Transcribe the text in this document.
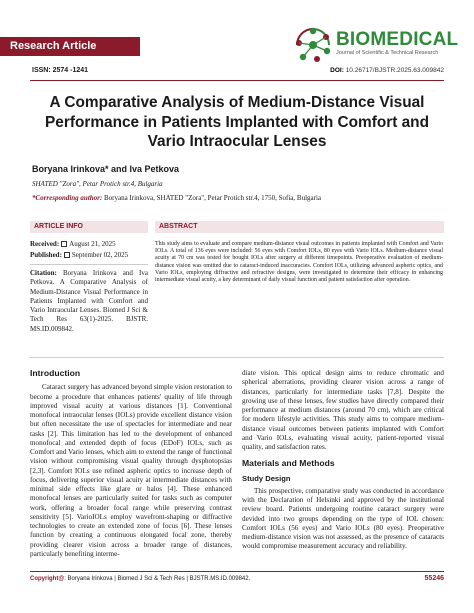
Research Article	BIOMEDICAL
Journal of Scientific & Technical Research
ISSN: 2574 -1241	DOI: 10.26717/BJSTR.2025.63.009842
A Comparative Analysis of Medium-Distance Visual Performance in Patients Implanted with Comfort and Vario Intraocular Lenses
Boryana Irinkova* and Iva Petkova
SHATED "Zora", Petar Protich str.4, Bulgaria
*Corresponding author: Boryana Irinkova, SHATED "Zora", Petar Protich str.4, 1750, Sofia, Bulgaria
ARTICLE INFO	ABSTRACT
Received: August 21, 2025
Published: September 02, 2025
Citation: Boryana Irinkova and Iva Petkova. A Comparative Analysis of Medium-Distance Visual Performance in Patients Implanted with Comfort and Vario Intraocular Lenses. Biomed J Sci & Tech Res 63(1)-2025. BJSTR. MS.ID.009842.
This study aims to evaluate and compare medium-distance visual outcomes in patients implanted with Comfort and Vario IOLs. A total of 136 eyes were included: 56 eyes with Comfort IOLs, 80 eyes with Vario IOLs. Medium-distance visual acuity at 70 cm was tested for bought IOLs after surgery at different timepoints. Preoperative evaluation of medium-distance vision was omitted due to cataract-induced inaccuracies. Comfort IOLs, utilizing advanced aspheric optics, and Vario IOLs, employing diffractive and refractive designs, were investigated to determine their efficacy in enhancing intermediate visual acuity, a key determinant of daily visual function and patient satisfaction after operation.
Introduction

Cataract surgery has advanced beyond simple vision restoration to become a procedure that enhances patients' quality of life through improved visual acuity at various distances [1]. Conventional monofocal intraocular lenses (IOLs) provide excellent distance vision but often necessitate the use of spectacles for intermediate and near tasks [2]. This limitation has led to the development of enhanced monofocal and extended depth of focus (EDoF) IOLs, such as Comfort and Vario lenses, which aim to extend the range of functional vision without compromising visual quality through dysphotopsias [2,3]. Comfort IOLs use refined aspheric optics to increase depth of focus, delivering superior visual acuity at intermediate distances with minimal side effects like glare or halos [4]. These enhanced monofocal lenses are particularly suited for tasks such as computer work, offering a broader focal range while preserving contrast sensitivity [5]. VarioIOLs employ wavefront-shaping or diffractive technologies to create an extended zone of focus [6]. These lenses function by creating a continuous elongated focal zone, thereby providing clearer vision across a broader range of distances, particularly benefiting interme-

diate vision. This optical design aims to reduce chromatic and spherical aberrations, providing clearer vision across a range of distances, particularly for intermediate tasks [7,8]. Despite the growing use of these lenses, few studies have directly compared their performance at medium distances (around 70 cm), which are critical for modern lifestyle activities. This study aims to compare medium-distance visual outcomes between patients implanted with Comfort and Vario IOLs, evaluating visual acuity, patient-reported visual quality, and satisfaction rates.

Materials and Methods
Study Design

This prospective, comparative study was conducted in accordance with the Declaration of Helsinki and approved by the institutional review board. Patients undergoing routine cataract surgery were devided into two groups depending on the type of IOL chosen: Comfort IOLs (56 eyes) and Vario IOLs (80 eyes). Preoperative medium-distance vision was not assessed, as the presence of cataracts would compromise measurement accuracy and reliability.

Copyright@: Boryana Irinkova | Biomed J Sci & Tech Res | BJSTR.MS.ID.009842.	55246
